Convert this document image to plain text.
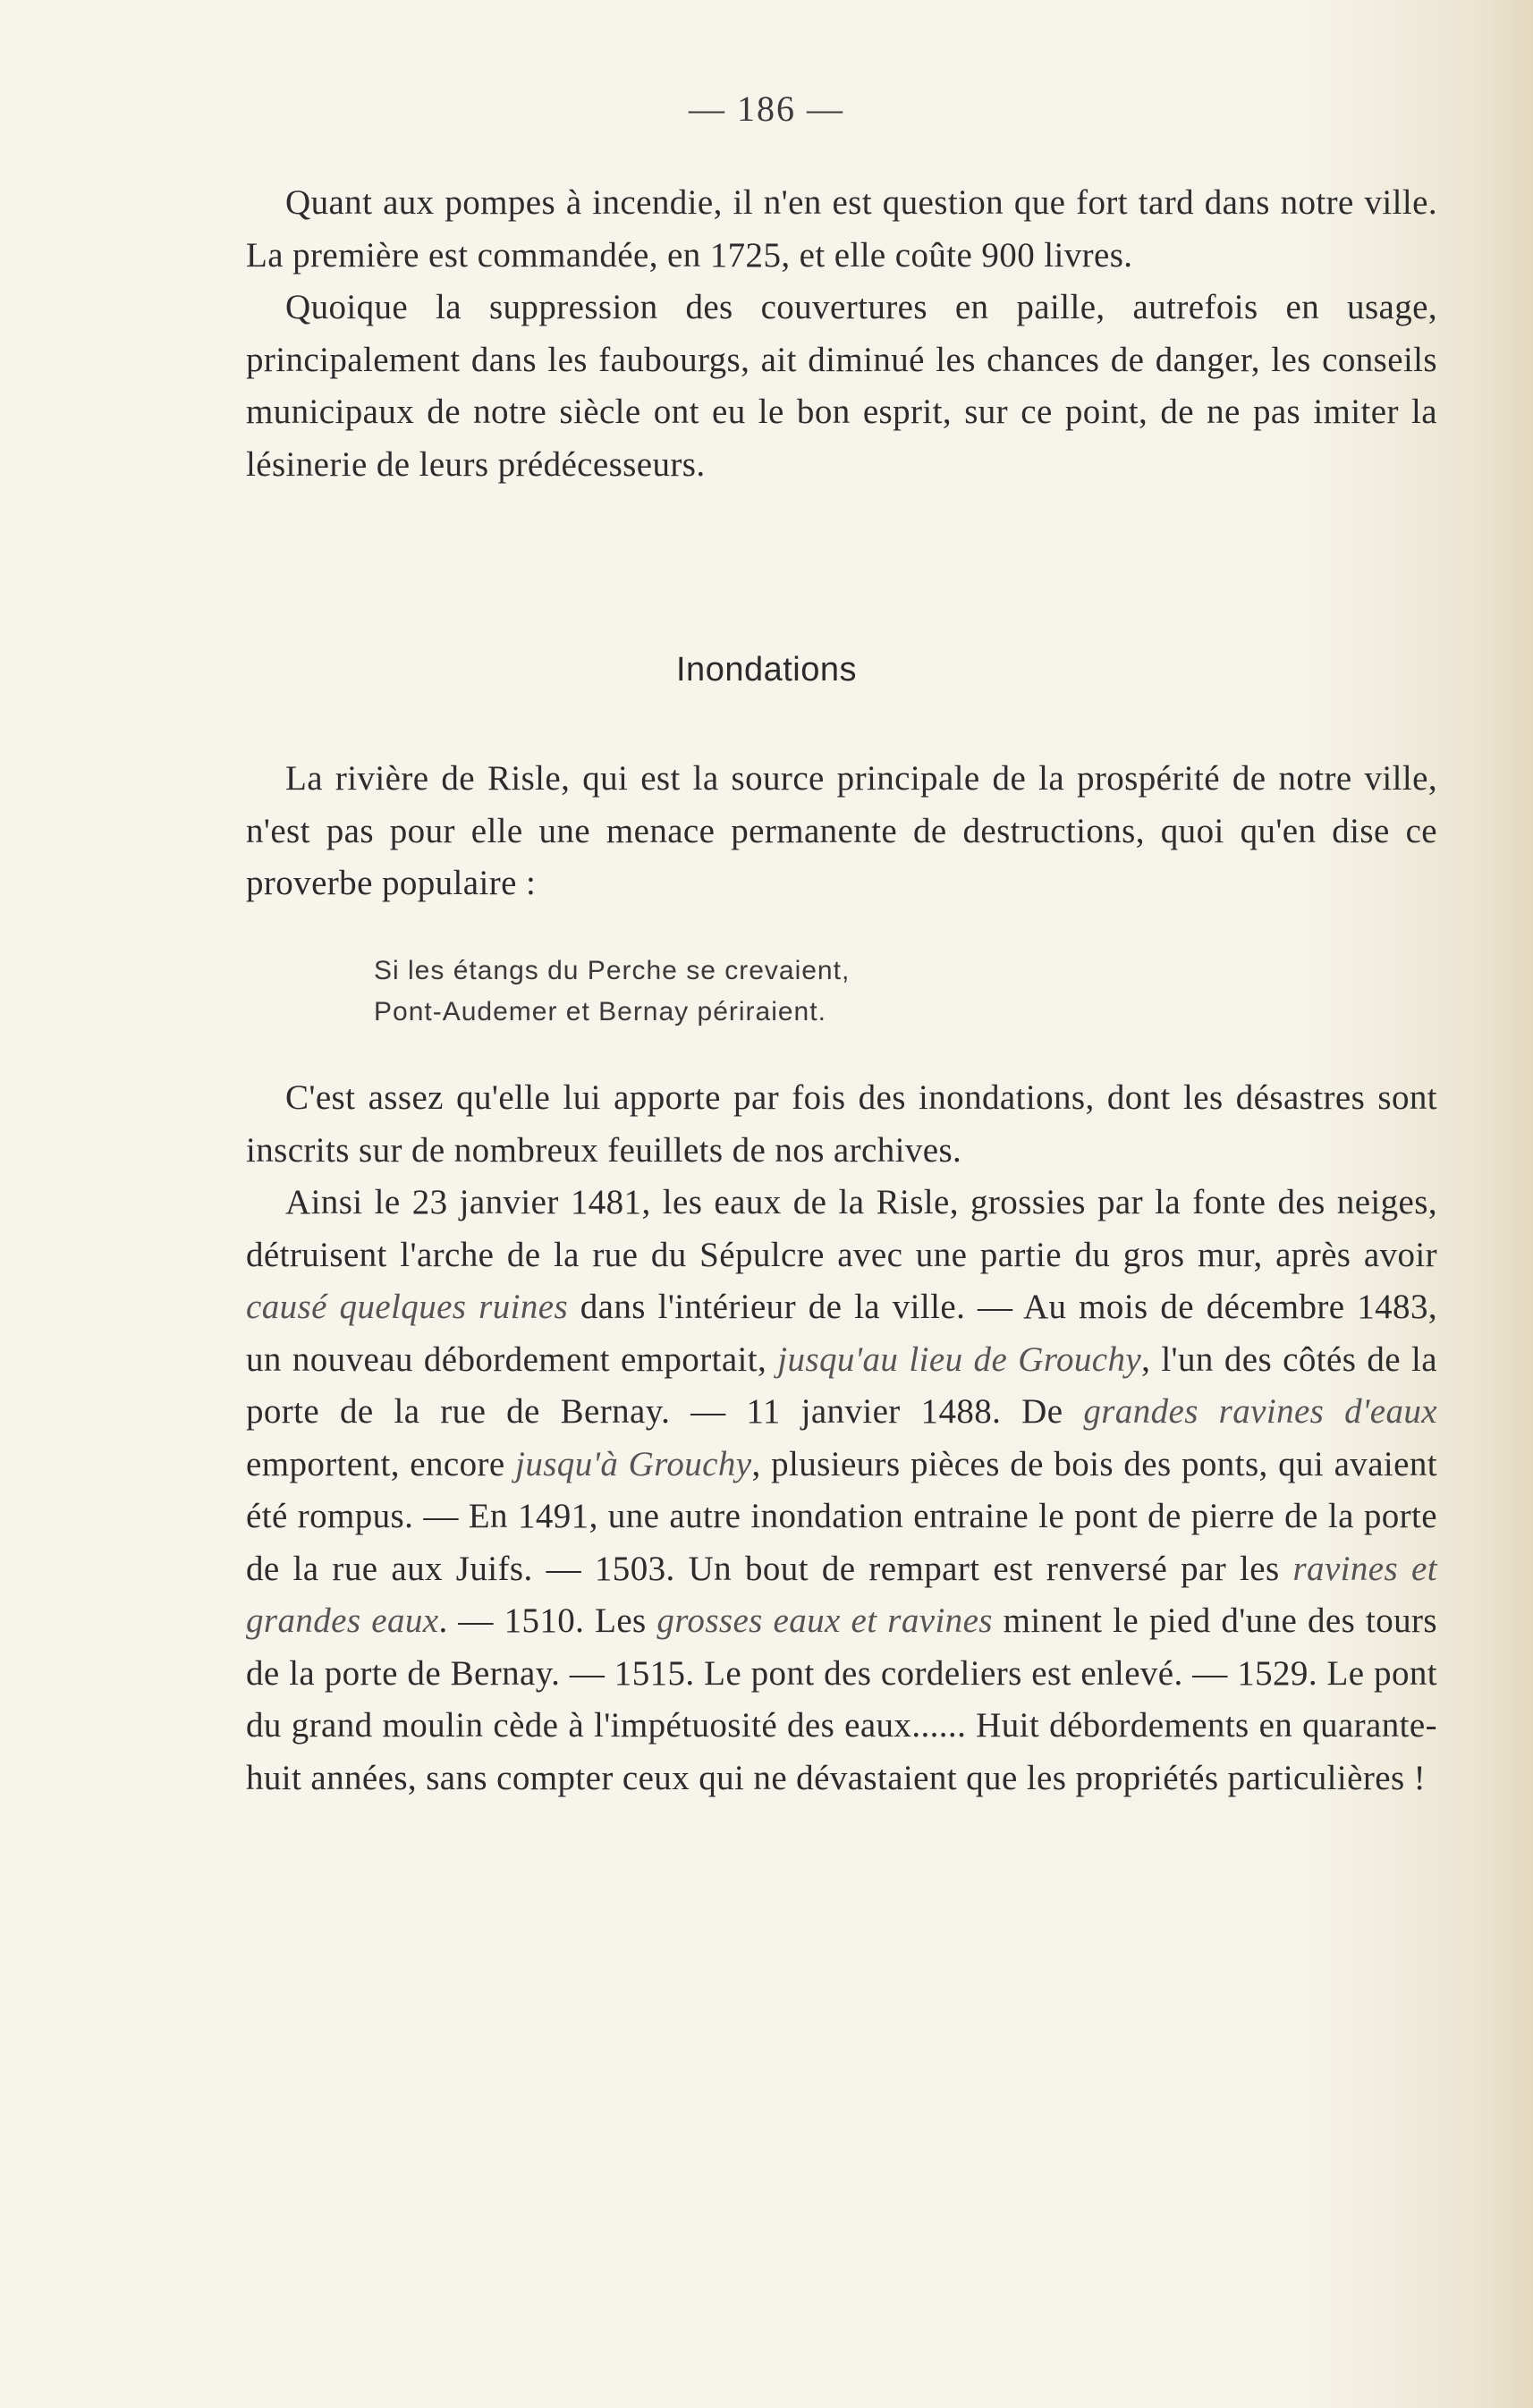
— 186 —

Quant aux pompes à incendie, il n'en est question que fort tard dans notre ville. La première est commandée, en 1725, et elle coûte 900 livres.

Quoique la suppression des couvertures en paille, autrefois en usage, principalement dans les faubourgs, ait diminué les chances de danger, les conseils municipaux de notre siècle ont eu le bon esprit, sur ce point, de ne pas imiter la lésinerie de leurs prédécesseurs.

Inondations

La rivière de Risle, qui est la source principale de la prospérité de notre ville, n'est pas pour elle une menace permanente de destructions, quoi qu'en dise ce proverbe populaire :

Si les étangs du Perche se crevaient,
Pont-Audemer et Bernay périraient.

C'est assez qu'elle lui apporte par fois des inondations, dont les désastres sont inscrits sur de nombreux feuillets de nos archives.

Ainsi le 23 janvier 1481, les eaux de la Risle, grossies par la fonte des neiges, détruisent l'arche de la rue du Sépulcre avec une partie du gros mur, après avoir causé quelques ruines dans l'intérieur de la ville. — Au mois de décembre 1483, un nouveau débordement emportait, jusqu'au lieu de Grouchy, l'un des côtés de la porte de la rue de Bernay. — 11 janvier 1488. De grandes ravines d'eaux emportent, encore jusqu'à Grouchy, plusieurs pièces de bois des ponts, qui avaient été rompus. — En 1491, une autre inondation entraine le pont de pierre de la porte de la rue aux Juifs. — 1503. Un bout de rempart est renversé par les ravines et grandes eaux. — 1510. Les grosses eaux et ravines minent le pied d'une des tours de la porte de Bernay. — 1515. Le pont des cordeliers est enlevé. — 1529. Le pont du grand moulin cède à l'impétuosité des eaux...... Huit débordements en quarante-huit années, sans compter ceux qui ne dévastaient que les propriétés particulières !
